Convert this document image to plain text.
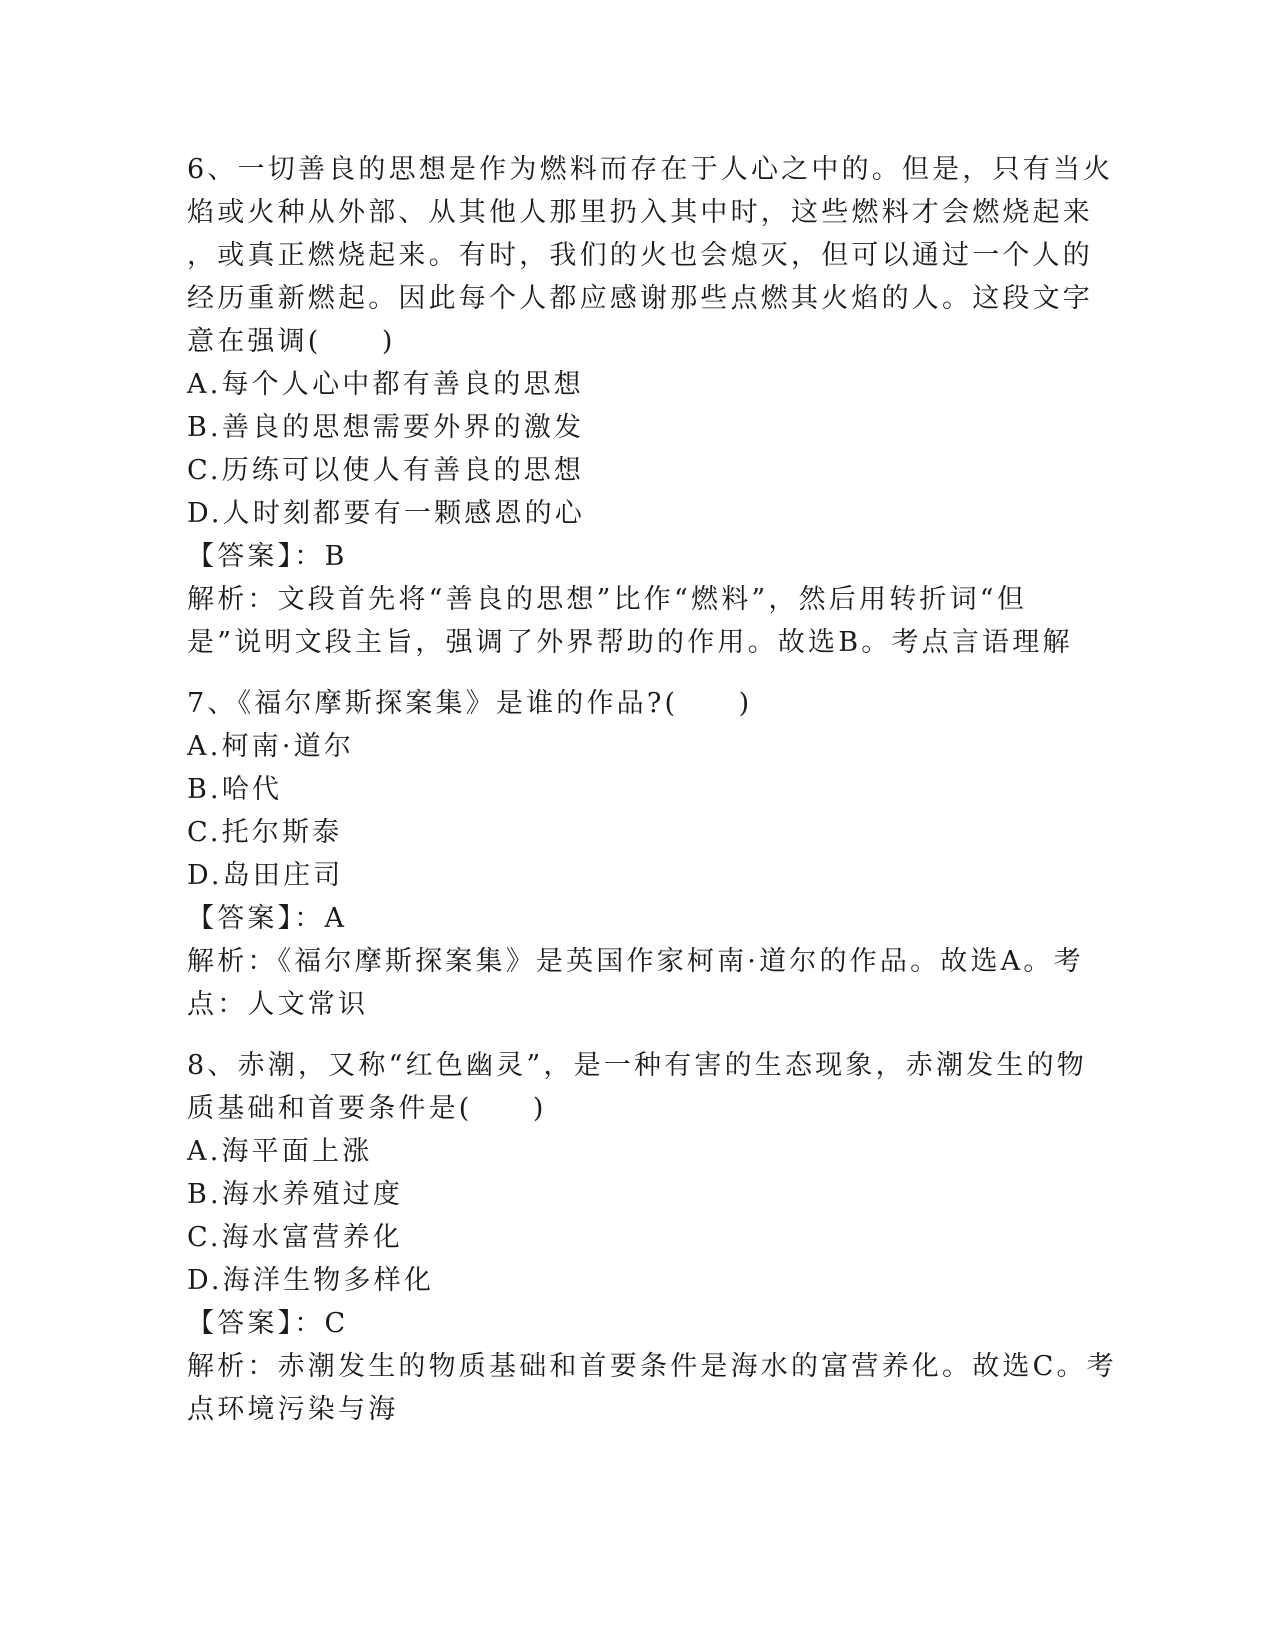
6、一切善良的思想是作为燃料而存在于人心之中的。但是，只有当火
焰或火种从外部、从其他人那里扔入其中时，这些燃料才会燃烧起来
，或真正燃烧起来。有时，我们的火也会熄灭，但可以通过一个人的
经历重新燃起。因此每个人都应感谢那些点燃其火焰的人。这段文字
意在强调(　　)
A.每个人心中都有善良的思想
B.善良的思想需要外界的激发
C.历练可以使人有善良的思想
D.人时刻都要有一颗感恩的心
【答案】：B
解析：文段首先将“善良的思想”比作“燃料”，然后用转折词“但
是”说明文段主旨，强调了外界帮助的作用。故选B。考点言语理解
7、《福尔摩斯探案集》是谁的作品?(　　)
A.柯南·道尔
B.哈代
C.托尔斯泰
D.岛田庄司
【答案】：A
解析：《福尔摩斯探案集》是英国作家柯南·道尔的作品。故选A。考
点：人文常识
8、赤潮，又称“红色幽灵”，是一种有害的生态现象，赤潮发生的物
质基础和首要条件是(　　)
A.海平面上涨
B.海水养殖过度
C.海水富营养化
D.海洋生物多样化
【答案】：C
解析：赤潮发生的物质基础和首要条件是海水的富营养化。故选C。考
点环境污染与海
